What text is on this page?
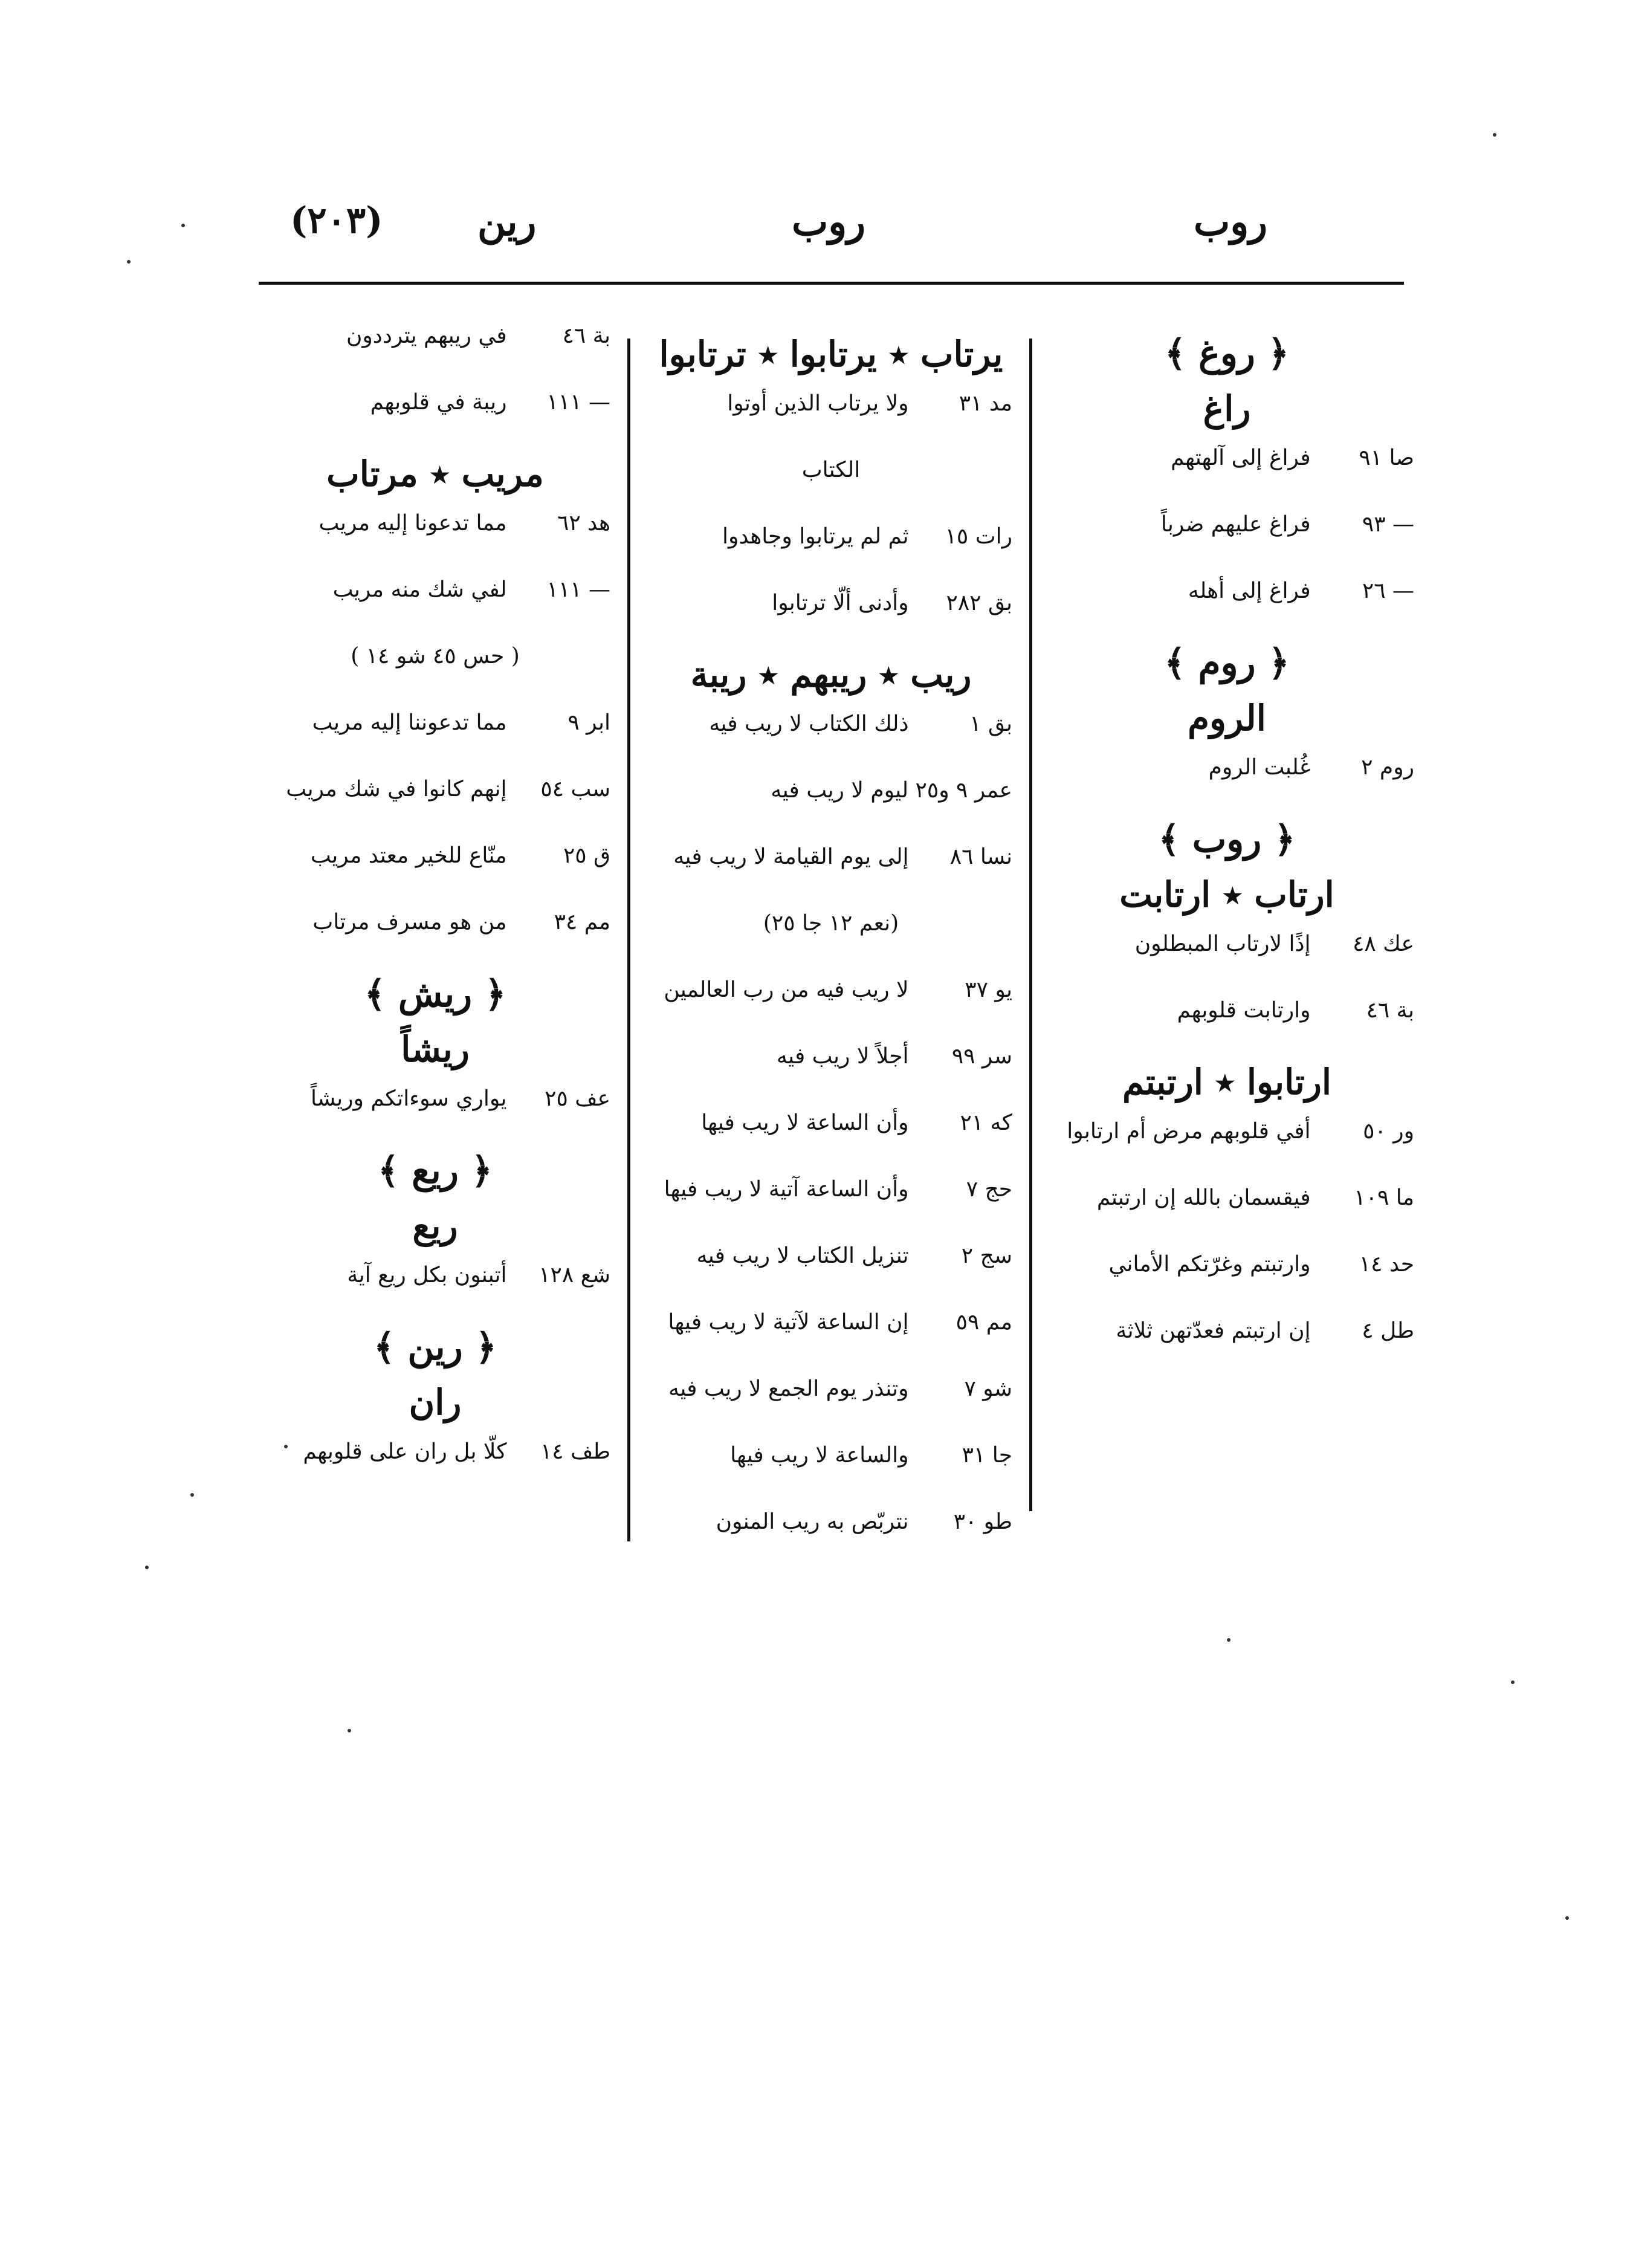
(٢٠٣) رين	روب	روب
﴿ روغ ﴾
راغ
صا ٩١ فراغ إلى آلهتهم
— ٩٣ فراغ عليهم ضرباً
— ٢٦ فراغ إلى أهله
﴿ روم ﴾
الروم
روم ٢ غُلبت الروم
﴿ روب ﴾
ارتاب ٭ ارتابت
عك ٤٨ إذًا لارتاب المبطلون
بة ٤٦ وارتابت قلوبهم
ارتابوا ٭ ارتبتم
ور ٥٠ أفي قلوبهم مرض أم ارتابوا
ما ١٠٩ فيقسمان بالله إن ارتبتم
حد ١٤ وارتبتم وغرّتكم الأماني
طل ٤ إن ارتبتم فعدّتهن ثلاثة
يرتاب ٭ يرتابوا ٭ ترتابوا
مد ٣١ ولا يرتاب الذين أوتوا
الكتاب
رات ١٥ ثم لم يرتابوا وجاهدوا
بق ٢٨٢ وأدنى ألّا ترتابوا
ريب ٭ ريبهم ٭ ريبة
بق ١ ذلك الكتاب لا ريب فيه
عمر ٩ و٢٥ ليوم لا ريب فيه
نسا ٨٦ إلى يوم القيامة لا ريب فيه
(نعم ١٢ جا ٢٥)
يو ٣٧ لا ريب فيه من رب العالمين
سر ٩٩ أجلاً لا ريب فيه
كه ٢١ وأن الساعة لا ريب فيها
حج ٧ وأن الساعة آتية لا ريب فيها
سج ٢ تنزيل الكتاب لا ريب فيه
مم ٥٩ إن الساعة لآتية لا ريب فيها
شو ٧ وتنذر يوم الجمع لا ريب فيه
جا ٣١ والساعة لا ريب فيها
طو ٣٠ نتربّص به ريب المنون
بة ٤٦ في ريبهم يترددون
— ١١١ ريبة في قلوبهم
مريب ٭ مرتاب
هد ٦٢ مما تدعونا إليه مريب
— ١١١ لفي شك منه مريب
( حس ٤٥ شو ١٤ )
ابر ٩ مما تدعوننا إليه مريب
سب ٥٤ إنهم كانوا في شك مريب
ق ٢٥ منّاع للخير معتد مريب
مم ٣٤ من هو مسرف مرتاب
﴿ ريش ﴾
ريشاً
عف ٢٥ يواري سوءاتكم وريشاً
﴿ ريع ﴾
ريع
شع ١٢٨ أتبنون بكل ريع آية
﴿ رين ﴾
ران
طف ١٤ كلّا بل ران على قلوبهم
